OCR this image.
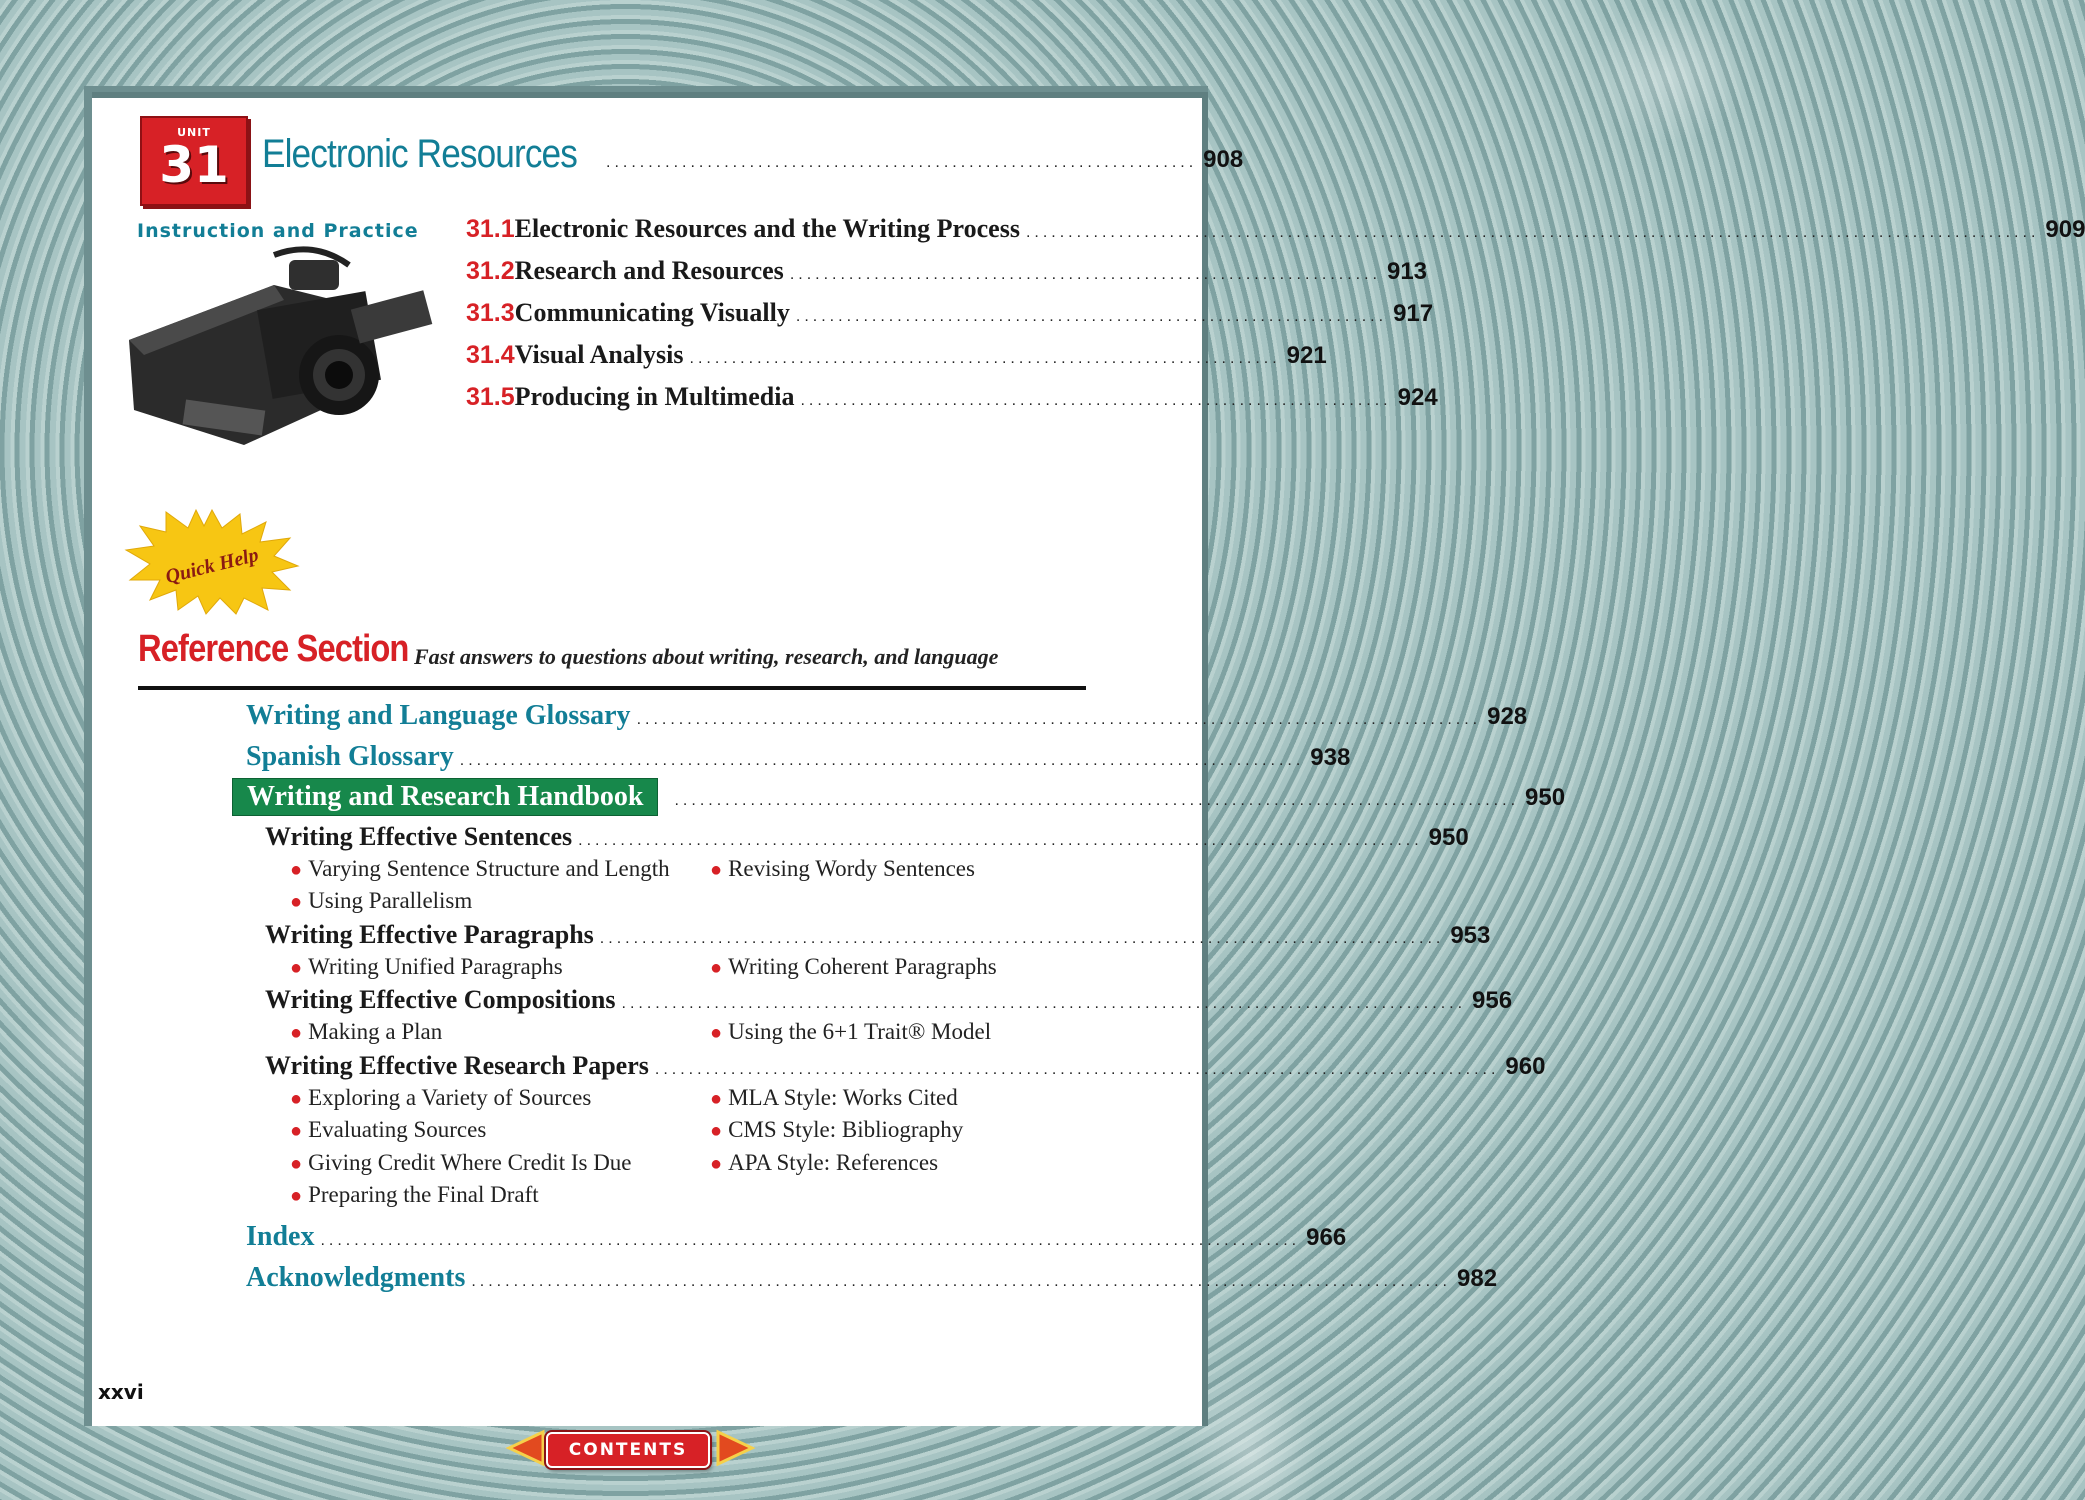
UNIT
31 Electronic Resources ...................................................................... 908
Instruction and Practice 31.1 Electronic Resources and the Writing Process ........................................................................................................................ 909
31.2 Research and Resources ...................................................................... 913
31.3 Communicating Visually ...................................................................... 917
31.4 Visual Analysis ...................................................................... 921
31.5 Producing in Multimedia ...................................................................... 924
Quick Help
Reference Section Fast answers to questions about writing, research, and language
Writing and Language Glossary .................................................................................................... 928
Spanish Glossary .................................................................................................... 938
Writing and Research Handbook	.................................................................................................... 950
Writing Effective Sentences .................................................................................................... 950
● Varying Sentence Structure and Length ● Revising Wordy Sentences
● Using Parallelism
Writing Effective Paragraphs .................................................................................................... 953
● Writing Unified Paragraphs	● Writing Coherent Paragraphs
Writing Effective Compositions .................................................................................................... 956
● Making a Plan	● Using the 6+1 Trait® Model
Writing Effective Research Papers .................................................................................................... 960
● Exploring a Variety of Sources	● MLA Style: Works Cited
● Evaluating Sources	● CMS Style: Bibliography
● Giving Credit Where Credit Is Due	● APA Style: References
● Preparing the Final Draft
Index .................................................................................................................... 966
Acknowledgments .................................................................................................................... 982
xxvi
CONTENTS
